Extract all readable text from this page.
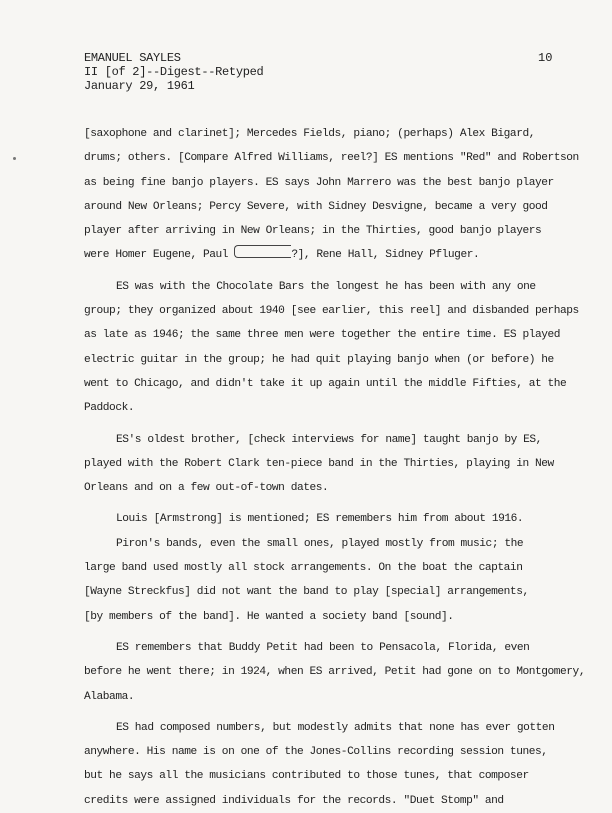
EMANUEL SAYLES
II [of 2]--Digest--Retyped
January 29, 1961
10
[saxophone and clarinet]; Mercedes Fields, piano; (perhaps) Alex Bigard,
drums; others. [Compare Alfred Williams, reel?] ES mentions "Red" and Robertson
as being fine banjo players. ES says John Marrero was the best banjo player
around New Orleans; Percy Severe, with Sidney Desvigne, became a very good
player after arriving in New Orleans; in the Thirties, good banjo players
were Homer Eugene, Paul	?], Rene Hall, Sidney Pfluger.
ES was with the Chocolate Bars the longest he has been with any one
group; they organized about 1940 [see earlier, this reel] and disbanded perhaps
as late as 1946; the same three men were together the entire time. ES played
electric guitar in the group; he had quit playing banjo when (or before) he
went to Chicago, and didn't take it up again until the middle Fifties, at the
Paddock.
ES's oldest brother, [check interviews for name] taught banjo by ES,
played with the Robert Clark ten-piece band in the Thirties, playing in New
Orleans and on a few out-of-town dates.
Louis [Armstrong] is mentioned; ES remembers him from about 1916.
Piron's bands, even the small ones, played mostly from music; the
large band used mostly all stock arrangements. On the boat the captain
[Wayne Streckfus] did not want the band to play [special] arrangements,
[by members of the band]. He wanted a society band [sound].
ES remembers that Buddy Petit had been to Pensacola, Florida, even
before he went there; in 1924, when ES arrived, Petit had gone on to Montgomery,
Alabama.
ES had composed numbers, but modestly admits that none has ever gotten
anywhere. His name is on one of the Jones-Collins recording session tunes,
but he says all the musicians contributed to those tunes, that composer
credits were assigned individuals for the records. "Duet Stomp" and
